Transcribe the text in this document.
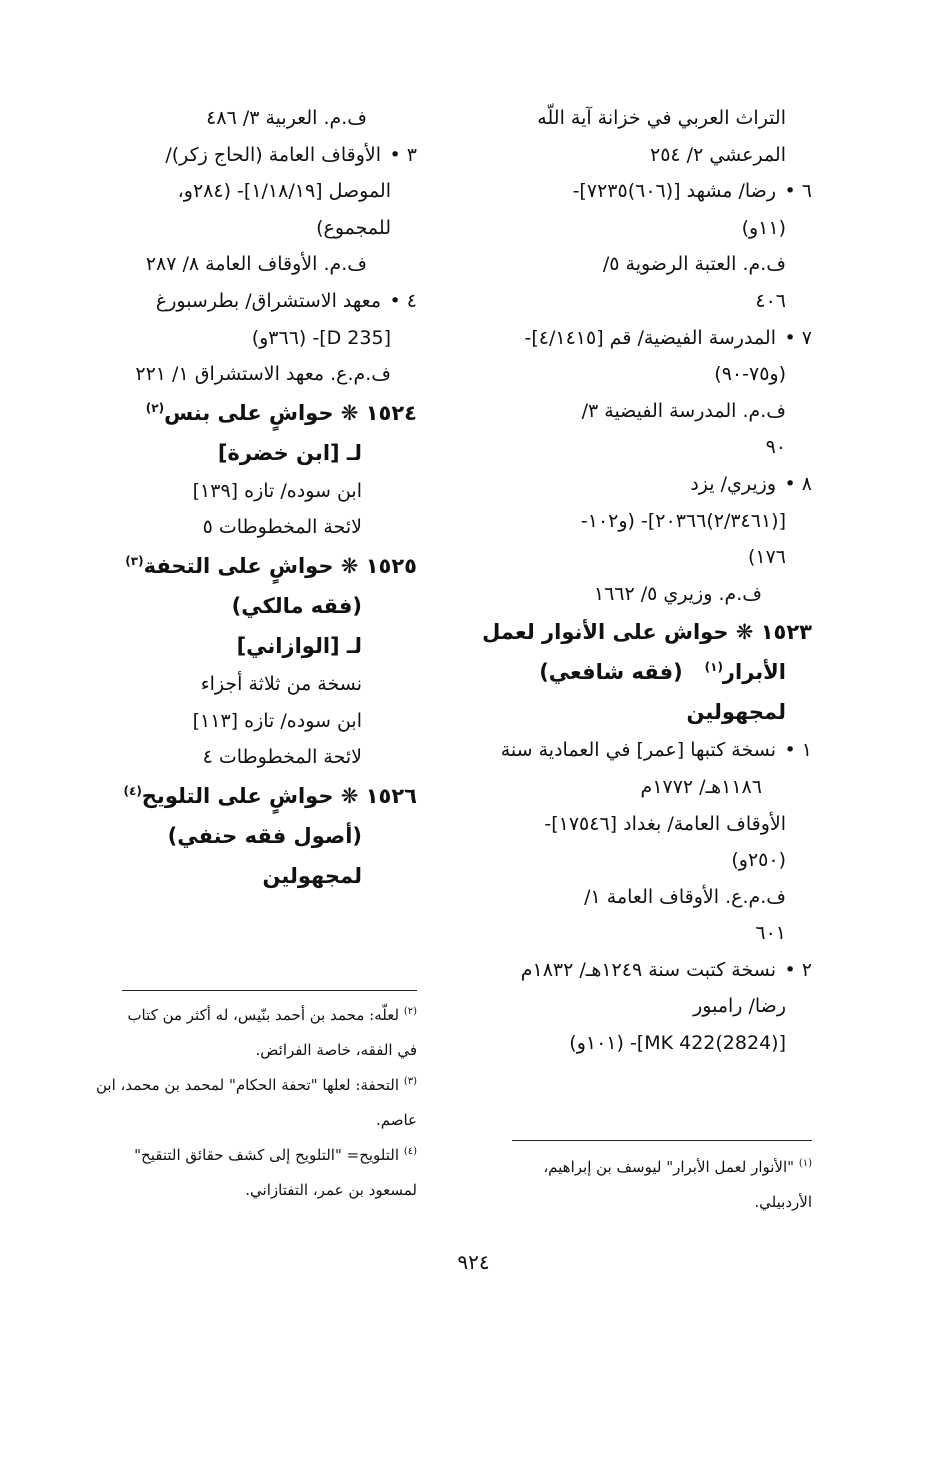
التراث العربي في خزانة آية اللّه
المرعشي ٢/ ٢٥٤
٦ •رضا/ مشهد [(٦٠٦)٧٢٣٥]-
(١١و)
ف.م. العتبة الرضوية ٥/
٤٠٦
٧ •المدرسة الفيضية/ قم [٤/١٤١٥]-
(و٧٥-٩٠)
ف.م. المدرسة الفيضية ٣/
٩٠
٨ •وزيري/ يزد
[(٢/٣٤٦١)٢٠٣٦٦]- (و١٠٢-
١٧٦)
ف.م. وزيري ٥/ ١٦٦٢
١٥٢٣ ❋ حواش على الأنوار لعمل
الأبرار$^{(١)}$   (فقه شافعي)
لمجهولين
١ •نسخة كتبها [عمر] في العمادية سنة
١١٨٦هـ/ ١٧٧٢م
الأوقاف العامة/ بغداد [١٧٥٤٦]-
(٢٥٠و)
ف.م.ع. الأوقاف العامة ١/
٦٠١
٢ •نسخة كتبت سنة ١٢٤٩هـ/ ١٨٣٢م
رضا/ رامبور
[MK 422(2824)]- (١٠١و)
ف.م. العربية ٣/ ٤٨٦
٣ •الأوقاف العامة (الحاج زكر)/
الموصل [١/١٨/١٩]- (٢٨٤و،
للمجموع)
ف.م. الأوقاف العامة ٨/ ٢٨٧
٤ •معهد الاستشراق/ بطرسبورغ
[D 235]- (٣٦٦و)
ف.م.ع. معهد الاستشراق ١/ ٢٢١
١٥٢٤ ❋ حواشٍ على بنس$^{(٢)}$
لـ [ابن خضرة]
ابن سوده/ تازه [١٣٩]
لائحة المخطوطات ٥
١٥٢٥ ❋ حواشٍ على التحفة$^{(٣)}$
(فقه مالكي)
لـ [الوازاني]
نسخة من ثلاثة أجزاء
ابن سوده/ تازه [١١٣]
لائحة المخطوطات ٤
١٥٢٦ ❋ حواشٍ على التلويح$^{(٤)}$
(أصول فقه حنفي)
لمجهولين

$^{(١)}$ "الأنوار لعمل الأبرار" ليوسف بن إبراهيم،

الأردبيلي.

$^{(٢)}$ لعلّه: محمد بن أحمد بنّيس، له أكثر من كتاب

في الفقه، خاصة الفرائض.

$^{(٣)}$ التحفة: لعلها "تحفة الحكام" لمحمد بن محمد، ابن

عاصم.

$^{(٤)}$ التلويح= "التلويح إلى كشف حقائق التنقيح"

لمسعود بن عمر، التفتازاني.

٩٢٤
